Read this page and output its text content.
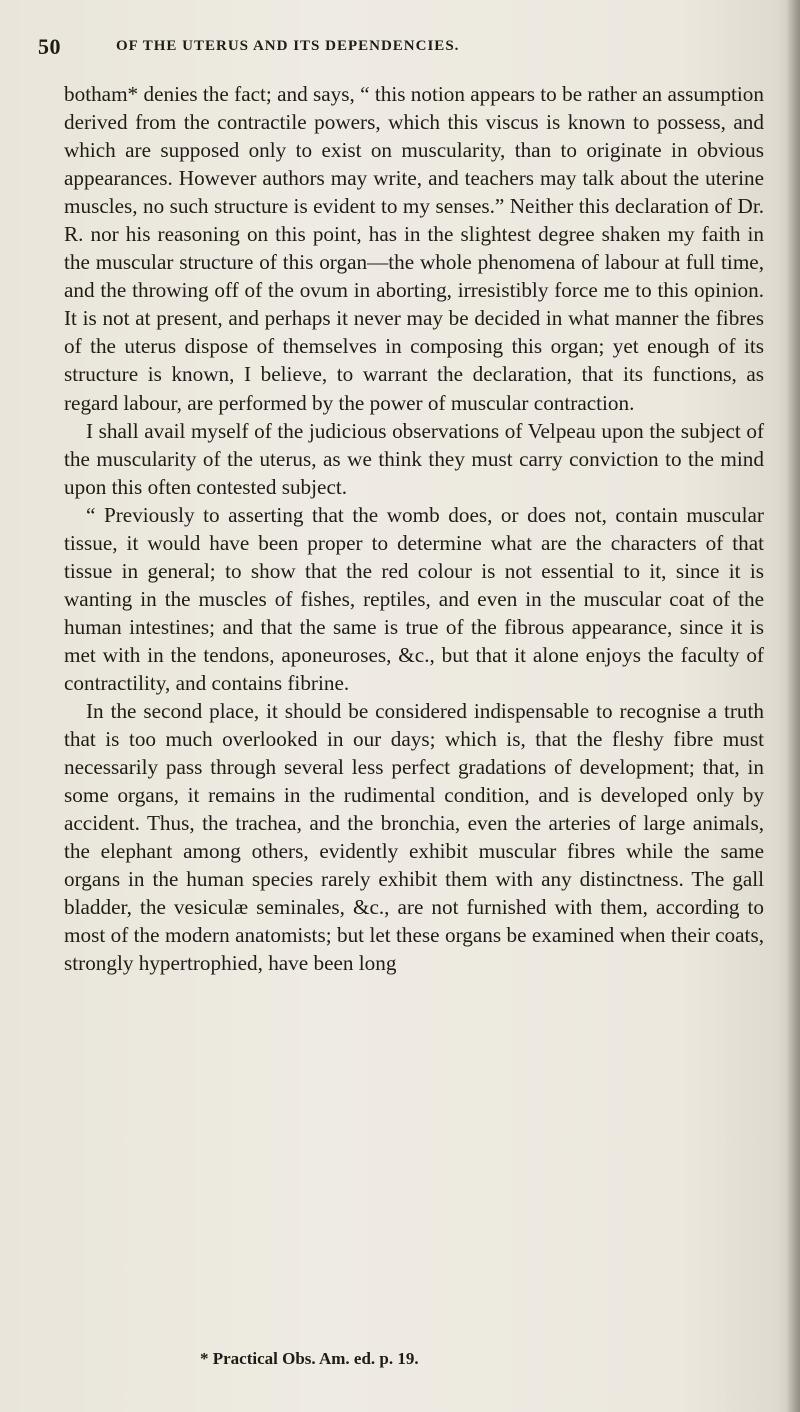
50	OF THE UTERUS AND ITS DEPENDENCIES.

botham* denies the fact; and says, “ this notion appears to be rather an assumption derived from the contractile powers, which this viscus is known to possess, and which are supposed only to exist on muscularity, than to originate in obvious appearances. However authors may write, and teachers may talk about the uterine muscles, no such structure is evident to my senses.” Neither this declaration of Dr. R. nor his reasoning on this point, has in the slightest degree shaken my faith in the muscular structure of this organ—the whole phenomena of labour at full time, and the throwing off of the ovum in aborting, irresistibly force me to this opinion. It is not at present, and perhaps it never may be decided in what manner the fibres of the uterus dispose of themselves in composing this organ; yet enough of its structure is known, I believe, to warrant the declaration, that its functions, as regard labour, are performed by the power of muscular contraction.

I shall avail myself of the judicious observations of Velpeau upon the subject of the muscularity of the uterus, as we think they must carry conviction to the mind upon this often contested subject.

“ Previously to asserting that the womb does, or does not, contain muscular tissue, it would have been proper to determine what are the characters of that tissue in general; to show that the red colour is not essential to it, since it is wanting in the muscles of fishes, reptiles, and even in the muscular coat of the human intestines; and that the same is true of the fibrous appearance, since it is met with in the tendons, aponeuroses, &c., but that it alone enjoys the faculty of contractility, and contains fibrine.

In the second place, it should be considered indispensable to recognise a truth that is too much overlooked in our days; which is, that the fleshy fibre must necessarily pass through several less perfect gradations of development; that, in some organs, it remains in the rudimental condition, and is developed only by accident. Thus, the trachea, and the bronchia, even the arteries of large animals, the elephant among others, evidently exhibit muscular fibres while the same organs in the human species rarely exhibit them with any distinctness. The gall bladder, the vesiculæ seminales, &c., are not furnished with them, according to most of the modern anatomists; but let these organs be examined when their coats, strongly hypertrophied, have been long

* Practical Obs. Am. ed. p. 19.
